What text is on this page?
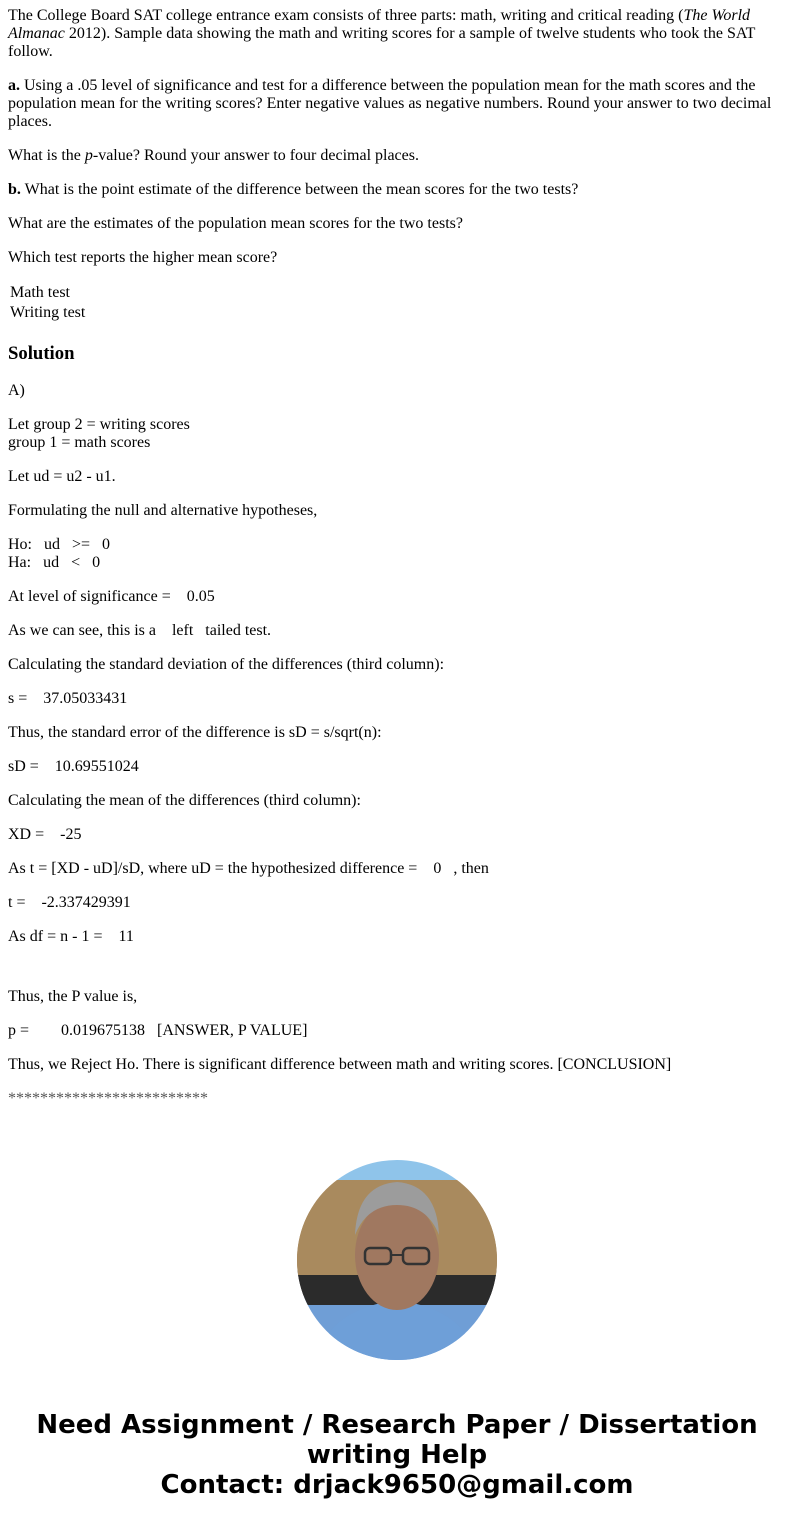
The College Board SAT college entrance exam consists of three parts: math, writing and critical reading (The World Almanac 2012). Sample data showing the math and writing scores for a sample of twelve students who took the SAT follow.

a. Using a .05 level of significance and test for a difference between the population mean for the math scores and the population mean for the writing scores? Enter negative values as negative numbers. Round your answer to two decimal places.

What is the p-value? Round your answer to four decimal places.

b. What is the point estimate of the difference between the mean scores for the two tests?

What are the estimates of the population mean scores for the two tests?

Which test reports the higher mean score?

Math test
Writing test
Solution

A)

Let group 2 = writing scores
group 1 = math scores

Let ud = u2 - u1.

Formulating the null and alternative hypotheses,

Ho:   ud   >=   0
Ha:   ud   <   0

At level of significance =    0.05

As we can see, this is a    left   tailed test.

Calculating the standard deviation of the differences (third column):

s =    37.05033431

Thus, the standard error of the difference is sD = s/sqrt(n):

sD =    10.69551024

Calculating the mean of the differences (third column):

XD =    -25

As t = [XD - uD]/sD, where uD = the hypothesized difference =    0   , then

t =    -2.337429391

As df = n - 1 =    11

Thus, the P value is,

p =        0.019675138   [ANSWER, P VALUE]

Thus, we Reject Ho. There is significant difference between math and writing scores. [CONCLUSION]

*************************

Need Assignment / Research Paper / Dissertation
writing Help
Contact: drjack9650@gmail.com
